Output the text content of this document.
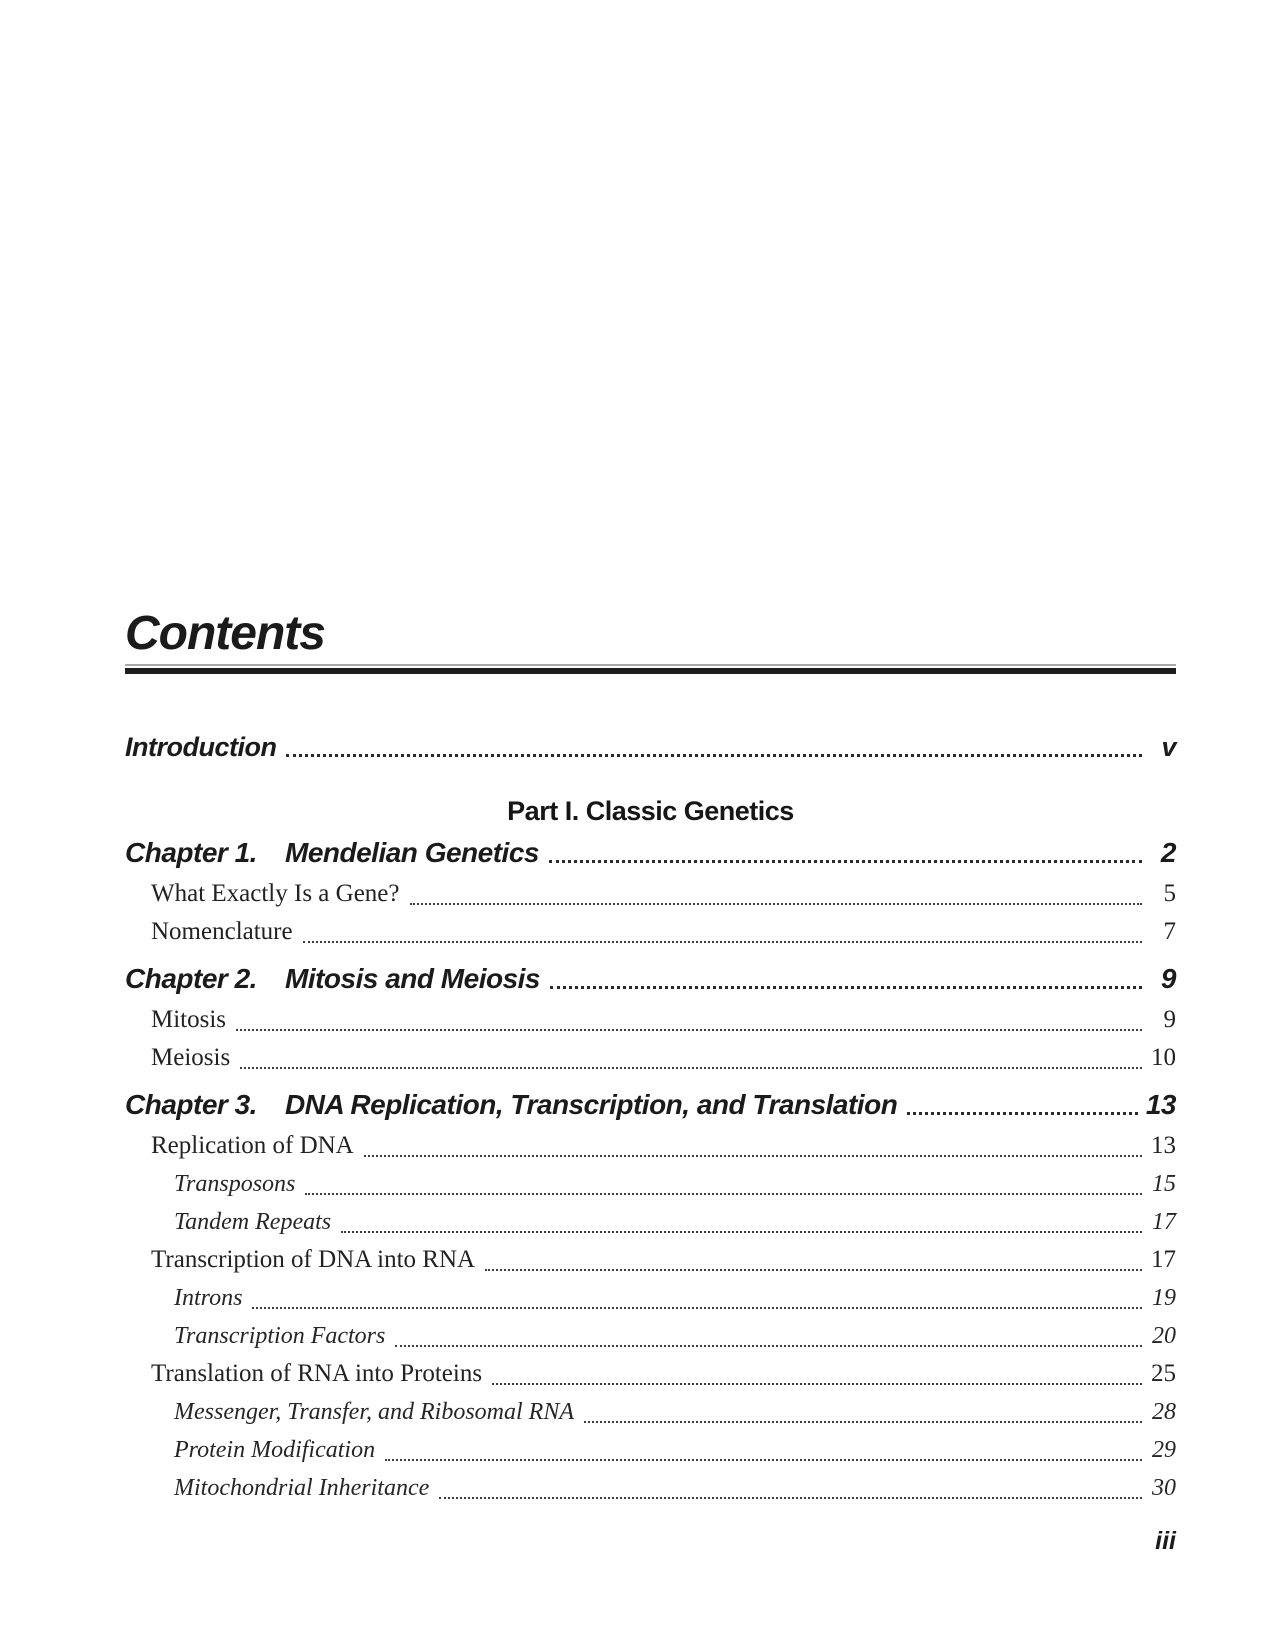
Contents
Introduction	v
Part I. Classic Genetics
Chapter 1.	Mendelian Genetics	2
What Exactly Is a Gene?	5
Nomenclature	7
Chapter 2.	Mitosis and Meiosis	9
Mitosis	9
Meiosis	10
Chapter 3.	DNA Replication, Transcription, and Translation	13
Replication of DNA	13
Transposons	15
Tandem Repeats	17
Transcription of DNA into RNA	17
Introns	19
Transcription Factors	20
Translation of RNA into Proteins	25
Messenger, Transfer, and Ribosomal RNA	28
Protein Modification	29
Mitochondrial Inheritance	30
iii
